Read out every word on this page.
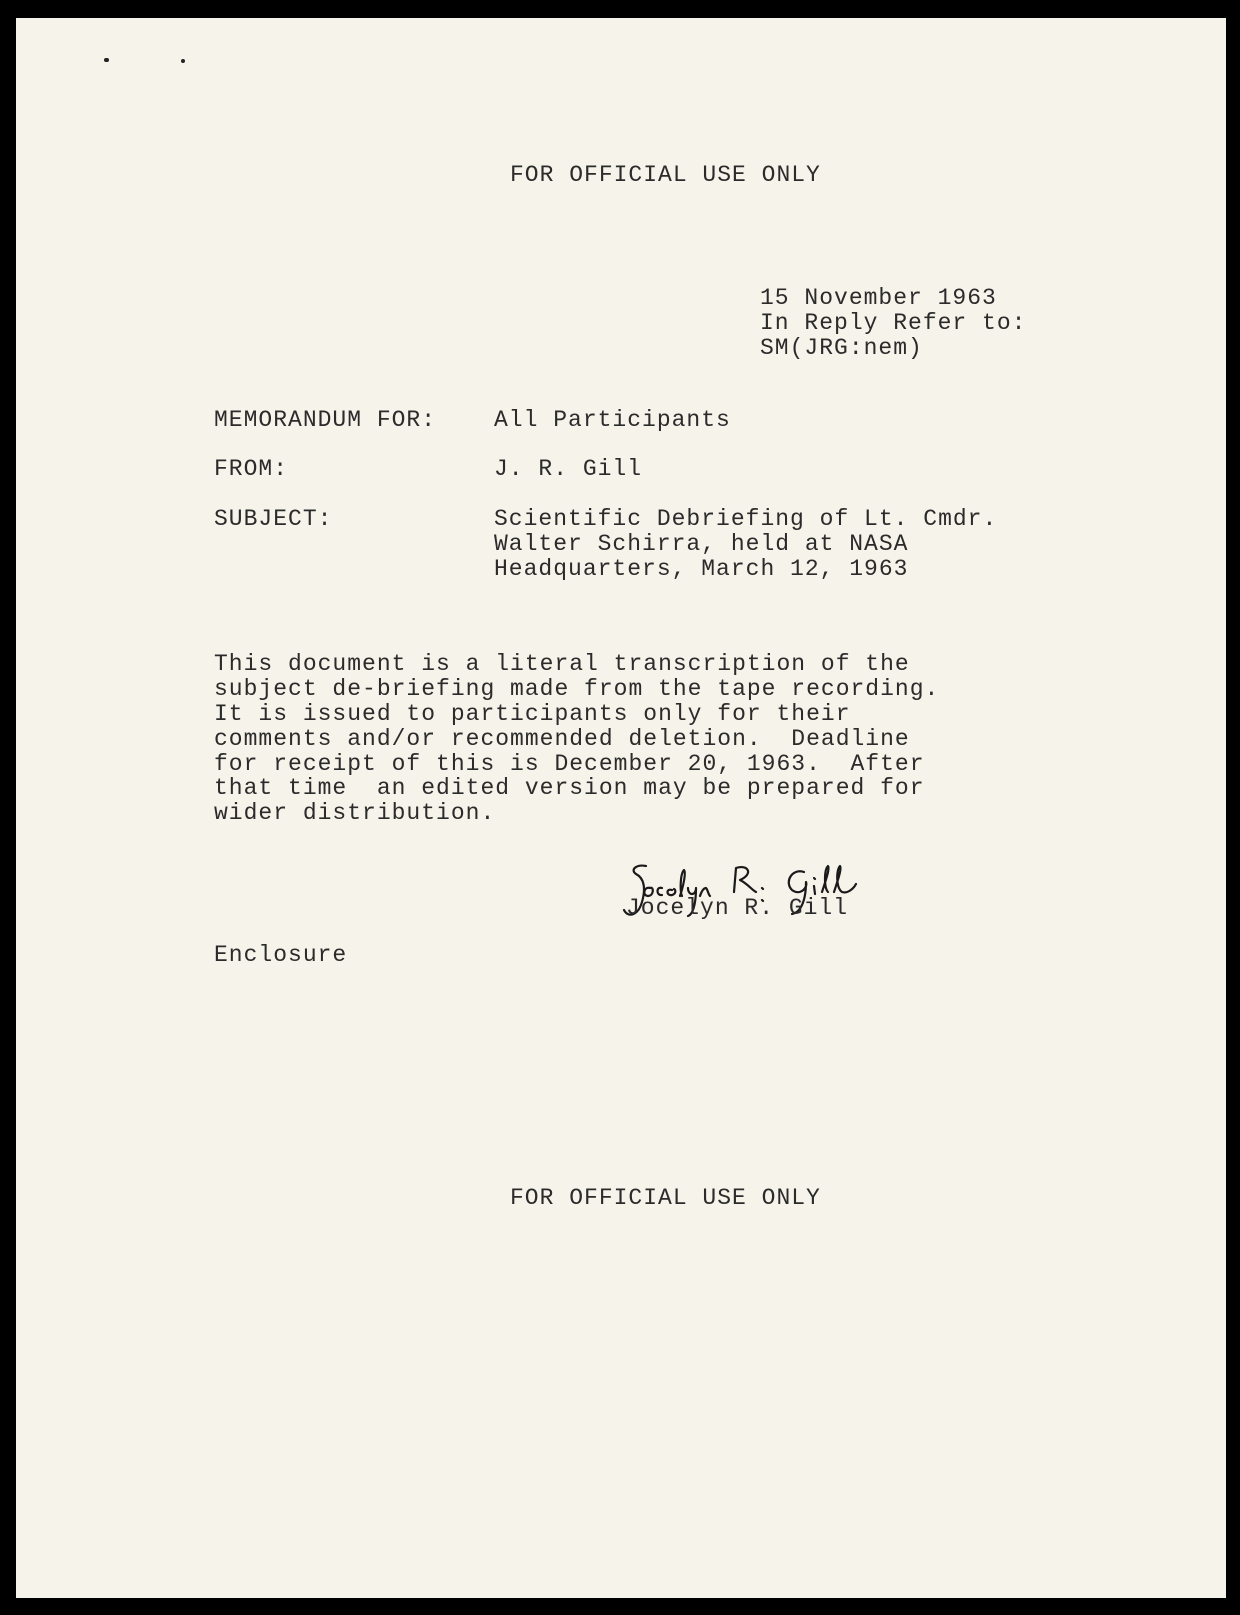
FOR OFFICIAL USE ONLY
15 November 1963
In Reply Refer to:
SM(JRG:nem)
MEMORANDUM FOR:	All Participants
FROM:	J. R. Gill
SUBJECT:	Scientific Debriefing of Lt. Cmdr.
Walter Schirra, held at NASA
Headquarters, March 12, 1963
This document is a literal transcription of the
subject de-briefing made from the tape recording.
It is issued to participants only for their
comments and/or recommended deletion.  Deadline
for receipt of this is December 20, 1963.  After
that time  an edited version may be prepared for
wider distribution.
Jocelyn R. Gill
Enclosure
FOR OFFICIAL USE ONLY
